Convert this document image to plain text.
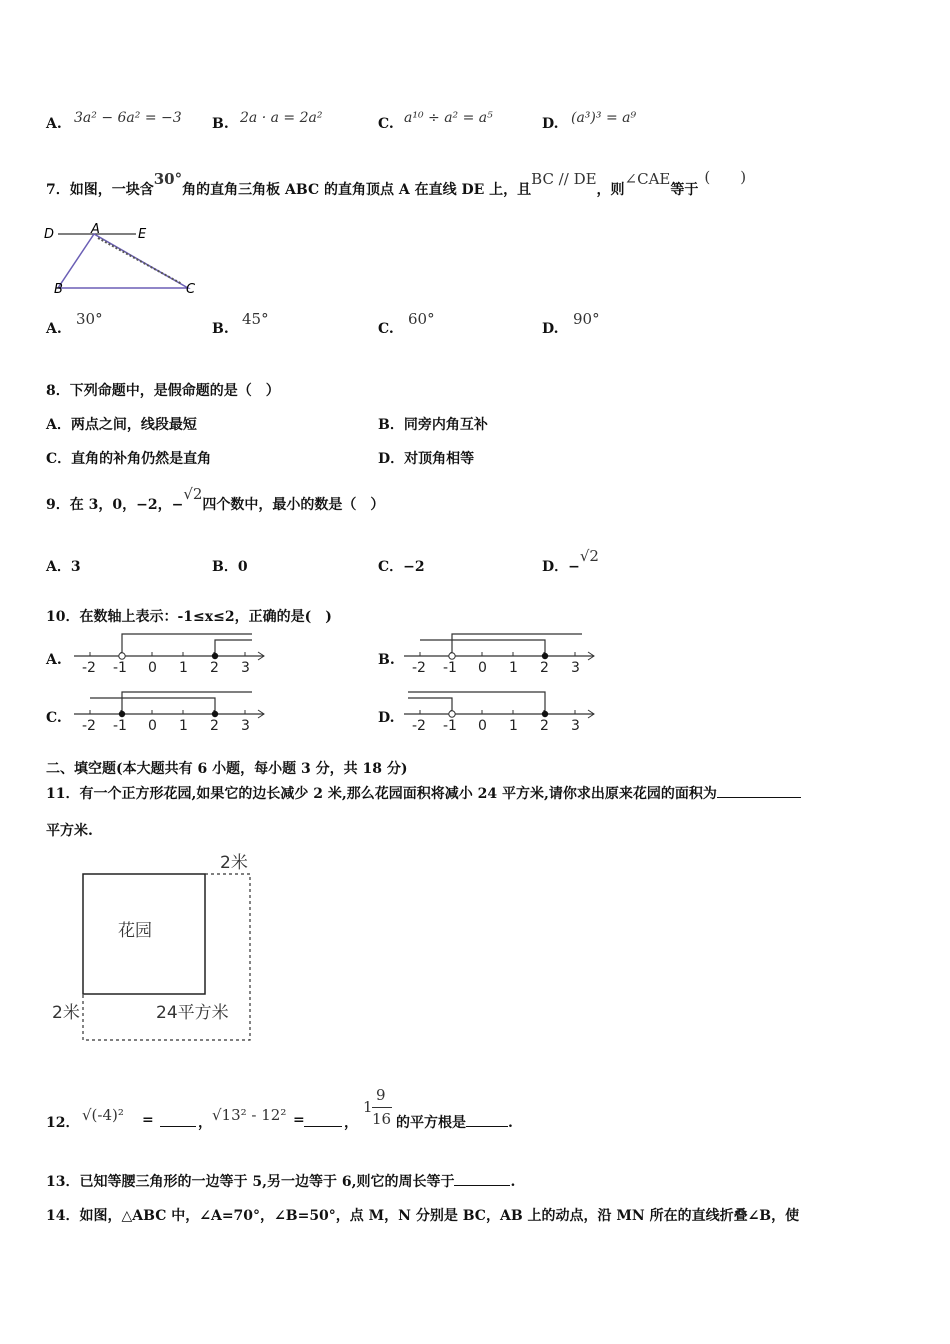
A. 3a² − 6a² = −3 B. 2a · a = 2a²	C. a¹⁰ ÷ a² = a⁵	D. (a³)³ = a⁹
7．如图，一块含30°角的直角三角板 ABC 的直角顶点 A 在直线 DE 上，且BC // DE，则∠CAE等于(　　)
D	A	E
B	C
A.
30°
B.
45°
C.
60°
D.
90°
8．下列命题中，是假命题的是（　）
A．两点之间，线段最短	B．同旁内角互补
C．直角的补角仍然是直角	D．对顶角相等
9．在 3，0，−2，−√2四个数中，最小的数是（　）
A．3	B．0	C．−2	D．−√2
10．在数轴上表示：-1≤x≤2，正确的是(　)
A. -2 -1 0 1 2 3	B. -2 -1 0 1 2 3
C. -2 -1 0 1 2 3	D. -2 -1 0 1 2 3
二、填空题(本大题共有 6 小题，每小题 3 分，共 18 分)
11．有一个正方形花园,如果它的边长减少 2 米,那么花园面积将减小 24 平方米,请你求出原来花园的面积为
平方米.
2米
花园
2米	24平方米
12． √(-4)² =	， √13² - 12² =	，
1
9
16 的平方根是	.
13．已知等腰三角形的一边等于 5,另一边等于 6,则它的周长等于	.
14．如图，△ABC 中，∠A=70°，∠B=50°，点 M，N 分别是 BC，AB 上的动点，沿 MN 所在的直线折叠∠B，使
